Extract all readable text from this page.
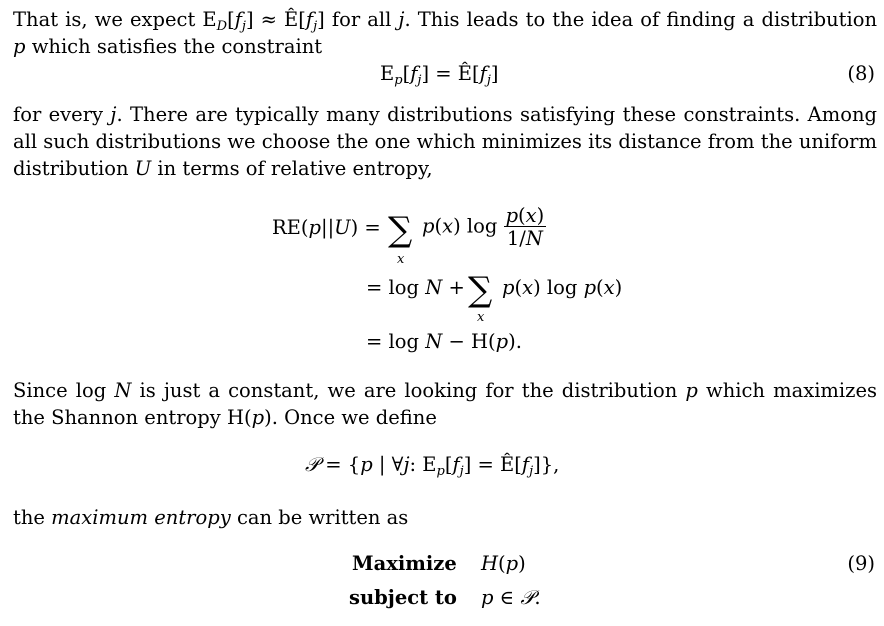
That is, we expect $E_D[f_j]$ ≈ $Ê[f_j]$ for all j. This leads to the idea of finding a distribution p which satisfies the constraint
$E_p[f_j]$ = $Ê[f_j]$	(8)
for every j. There are typically many distributions satisfying these constraints. Among all such distributions we choose the one which minimizes its distance from the uniform distribution U in terms of relative entropy,
RE(p||U) = ∑
x
p(x) $\log \frac{p(x)}{1/N}$
= log N + ∑
x
p(x) log p(x)
= log N − H(p).
Since log N is just a constant, we are looking for the distribution p which maximizes the Shannon entropy H(p). Once we define
𝒫 = {p | ∀j: $E_p[f_j]$ = $Ê[f_j]$},
the maximum entropy can be written as
Maximize H(p)
subject to p ∈ 𝒫.
(9)
